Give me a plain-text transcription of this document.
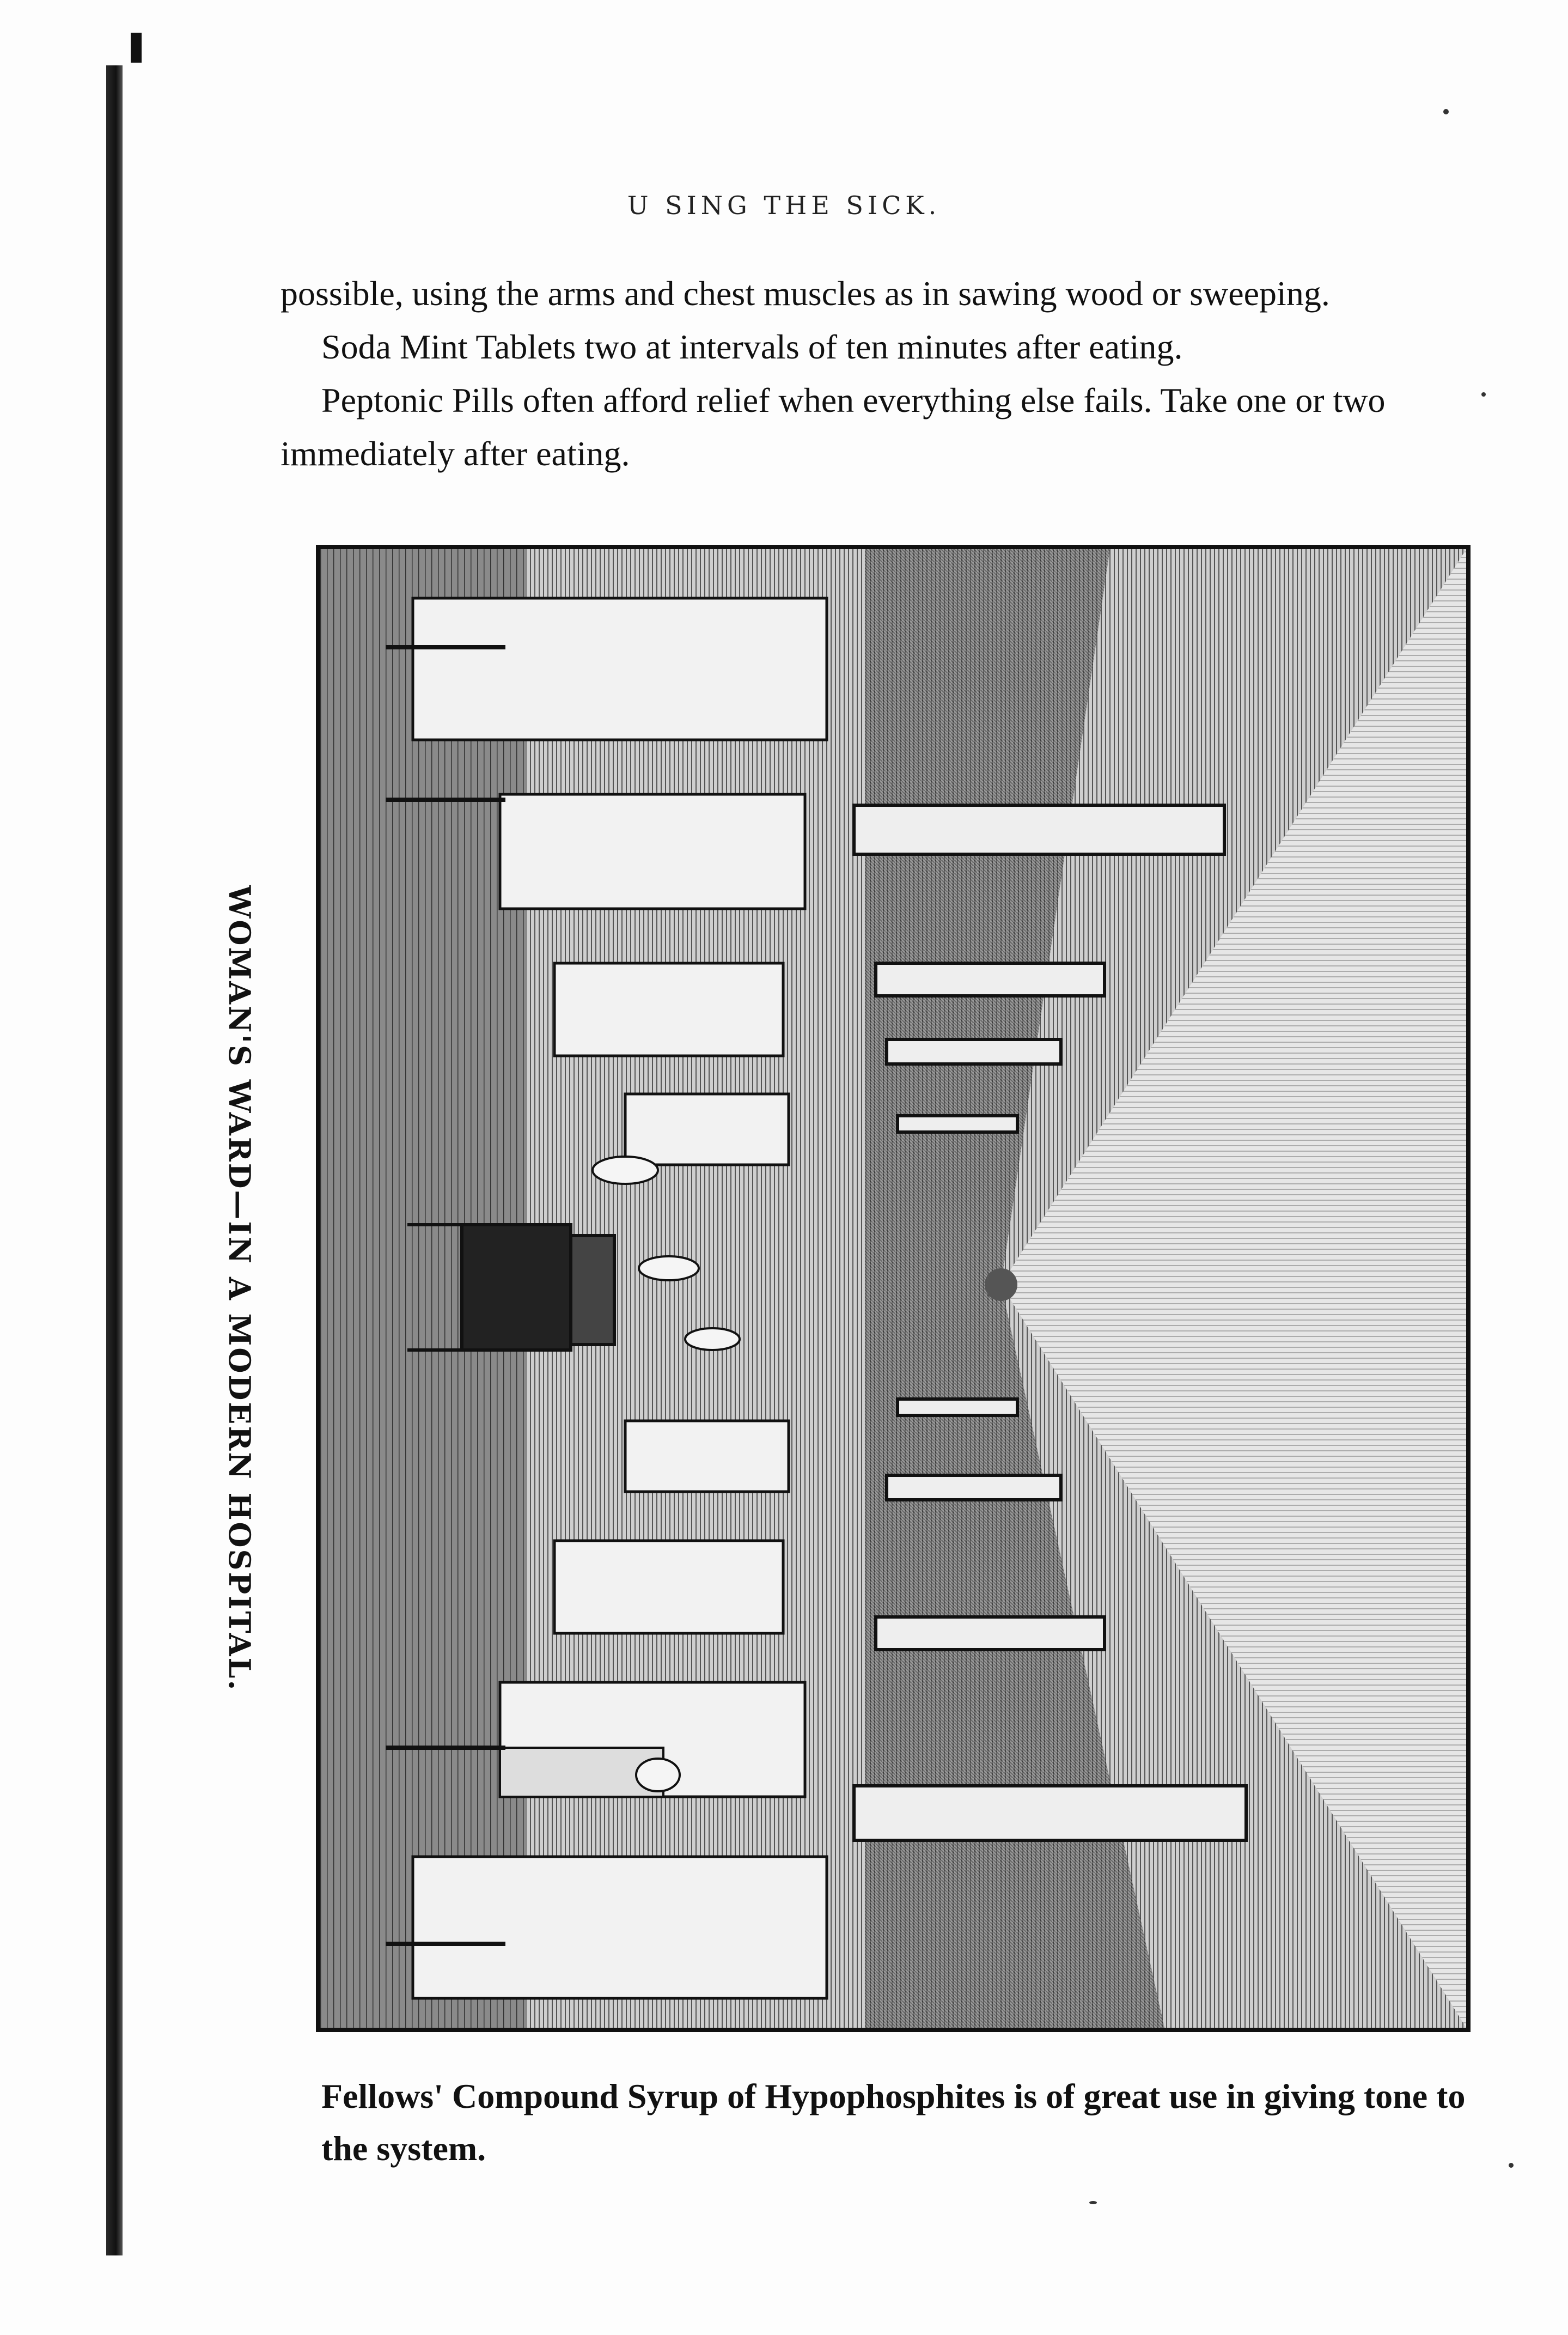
U SING THE SICK.

possible, using the arms and chest muscles as in sawing wood or sweeping.

Soda Mint Tablets two at intervals of ten minutes after eating.

Peptonic Pills often afford relief when everything else fails. Take one or two immediately after eating.

WOMAN'S WARD—IN A MODERN HOSPITAL.

Fellows' Compound Syrup of Hypophosphites is of great use in giving tone to the system.
